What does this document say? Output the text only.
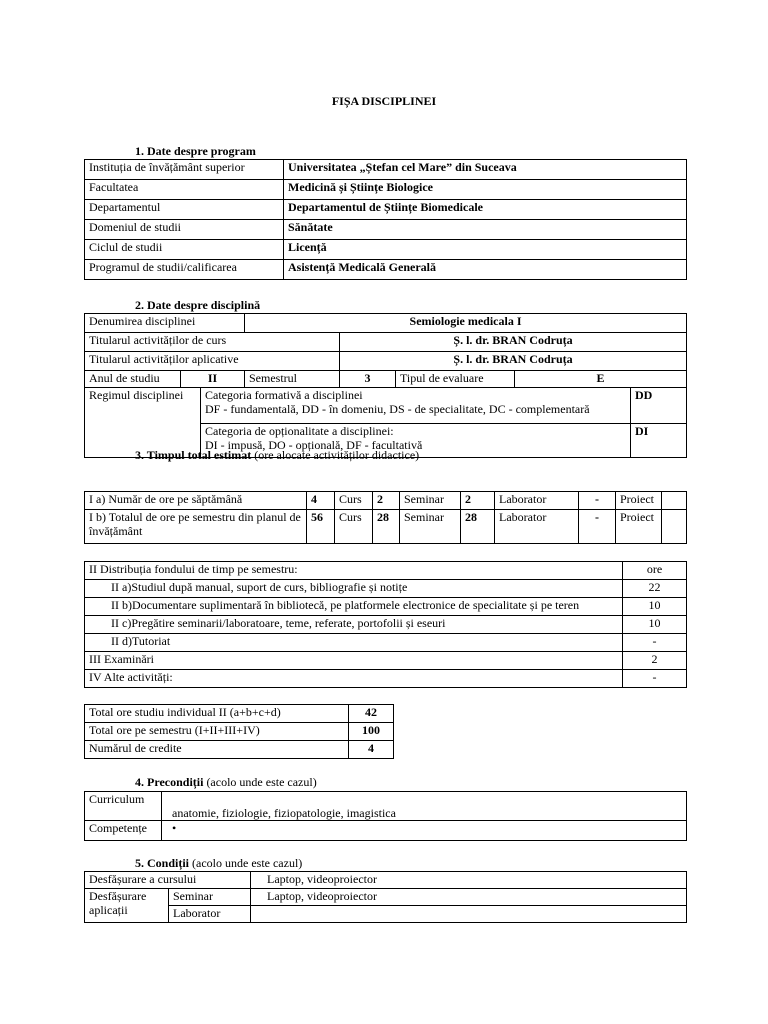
FIȘA DISCIPLINEI
1. Date despre program
Instituția de învățământ superior	Universitatea „Ștefan cel Mare” din Suceava
Facultatea	Medicină și Științe Biologice
Departamentul	Departamentul de Științe Biomedicale
Domeniul de studii	Sănătate
Ciclul de studii	Licență
Programul de studii/calificarea	Asistență Medicală Generală
2. Date despre disciplină
Denumirea disciplinei			Semiologie medicala I				
Titularul activităților de curs				Ș. l. dr. BRAN Codruța			
Titularul activităților aplicative				Ș. l. dr. BRAN Codruța			
Anul de studiu	II		Semestrul	3	Tipul de evaluare	E	
Regimul disciplinei		Categoria formativă a disciplinei
DF - fundamentală, DD - în domeniu, DS - de specialitate, DC - complementară					DD
		Categoria de opționalitate a disciplinei:
DI - impusă, DO - opțională, DF - facultativă					DI
3. Timpul total estimat (ore alocate activităților didactice)
I a) Număr de ore pe săptămână	4	Curs	2	Seminar	2	Laborator	-	Proiect	
I b) Totalul de ore pe semestru din planul de învățământ	56	Curs	28	Seminar	28	Laborator	-	Proiect	
II Distribuția fondului de timp pe semestru:	ore
II a)Studiul după manual, suport de curs, bibliografie și notițe	22
II b)Documentare suplimentară în bibliotecă, pe platformele electronice de specialitate și pe teren	10
II c)Pregătire seminarii/laboratoare, teme, referate, portofolii și eseuri	10
II d)Tutoriat	-
III Examinări	2
IV Alte activități:	-
Total ore studiu individual II (a+b+c+d)	42
Total ore pe semestru (I+II+III+IV)	100
Numărul de credite	4
4. Precondiții (acolo unde este cazul)
Curriculum	anatomie, fiziologie, fiziopatologie, imagistica
Competențe	•
5. Condiții (acolo unde este cazul)
Desfășurare a cursului		Laptop, videoproiector
Desfășurare aplicații	Seminar	Laptop, videoproiector
	Laborator	
